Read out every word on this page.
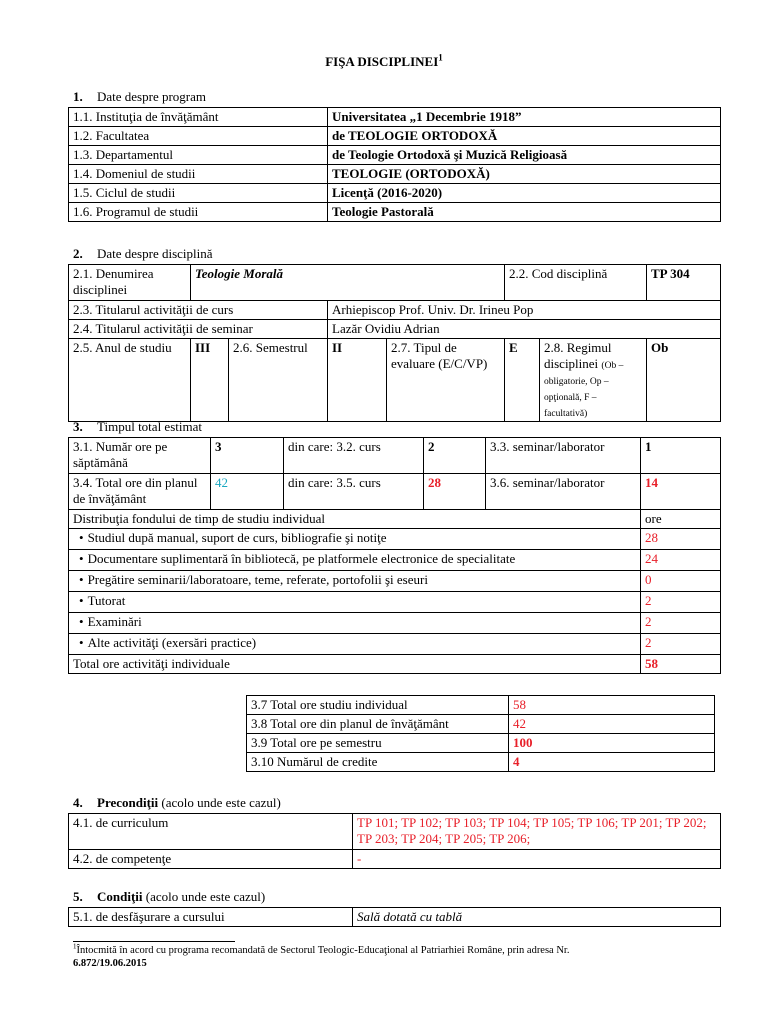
FIŞA DISCIPLINEI$^1$
1. Date despre program
1.1. Instituţia de învăţământ	Universitatea „1 Decembrie 1918”
1.2. Facultatea	de TEOLOGIE ORTODOXĂ
1.3. Departamentul	de Teologie Ortodoxă şi Muzică Religioasă
1.4. Domeniul de studii	TEOLOGIE (ORTODOXĂ)
1.5. Ciclul de studii	Licenţă (2016-2020)
1.6. Programul de studii	Teologie Pastorală
2. Date despre disciplină
2.1. Denumirea disciplinei	Teologie Morală				2.2. Cod disciplină		TP 304
2.3. Titularul activităţii de curs			Arhiepiscop Prof. Univ. Dr. Irineu Pop				
2.4. Titularul activităţii de seminar			Lazăr Ovidiu Adrian				
2.5. Anul de studiu	III	2.6. Semestrul	II	2.7. Tipul de evaluare (E/C/VP)	E	2.8. Regimul disciplinei (Ob – obligatorie, Op – opţională, F – facultativă)	Ob
3. Timpul total estimat
3.1. Număr ore pe săptămână	3	din care: 3.2. curs	2	3.3. seminar/laborator	1
3.4. Total ore din planul de învăţământ	42	din care: 3.5. curs	28	3.6. seminar/laborator	14
Distribuţia fondului de timp de studiu individual					ore
• Studiul după manual, suport de curs, bibliografie şi notiţe					28
• Documentare suplimentară în bibliotecă, pe platformele electronice de specialitate					24
• Pregătire seminarii/laboratoare, teme, referate, portofolii şi eseuri					0
• Tutorat					2
• Examinări					2
• Alte activităţi (exersări practice)					2
Total ore activităţi individuale					58
3.7 Total ore studiu individual	58
3.8 Total ore din planul de învăţământ	42
3.9 Total ore pe semestru	100
3.10 Numărul de credite	4
4. Precondiţii (acolo unde este cazul)
4.1. de curriculum	TP 101; TP 102; TP 103; TP 104; TP 105; TP 106; TP 201; TP 202; TP 203; TP 204; TP 205; TP 206;
4.2. de competenţe	-
5. Condiţii (acolo unde este cazul)
5.1. de desfăşurare a cursului	Sală dotată cu tablă
$^1$Întocmită în acord cu programa recomandată de Sectorul Teologic-Educaţional al Patriarhiei Române, prin adresa Nr.
6.872/19.06.2015
